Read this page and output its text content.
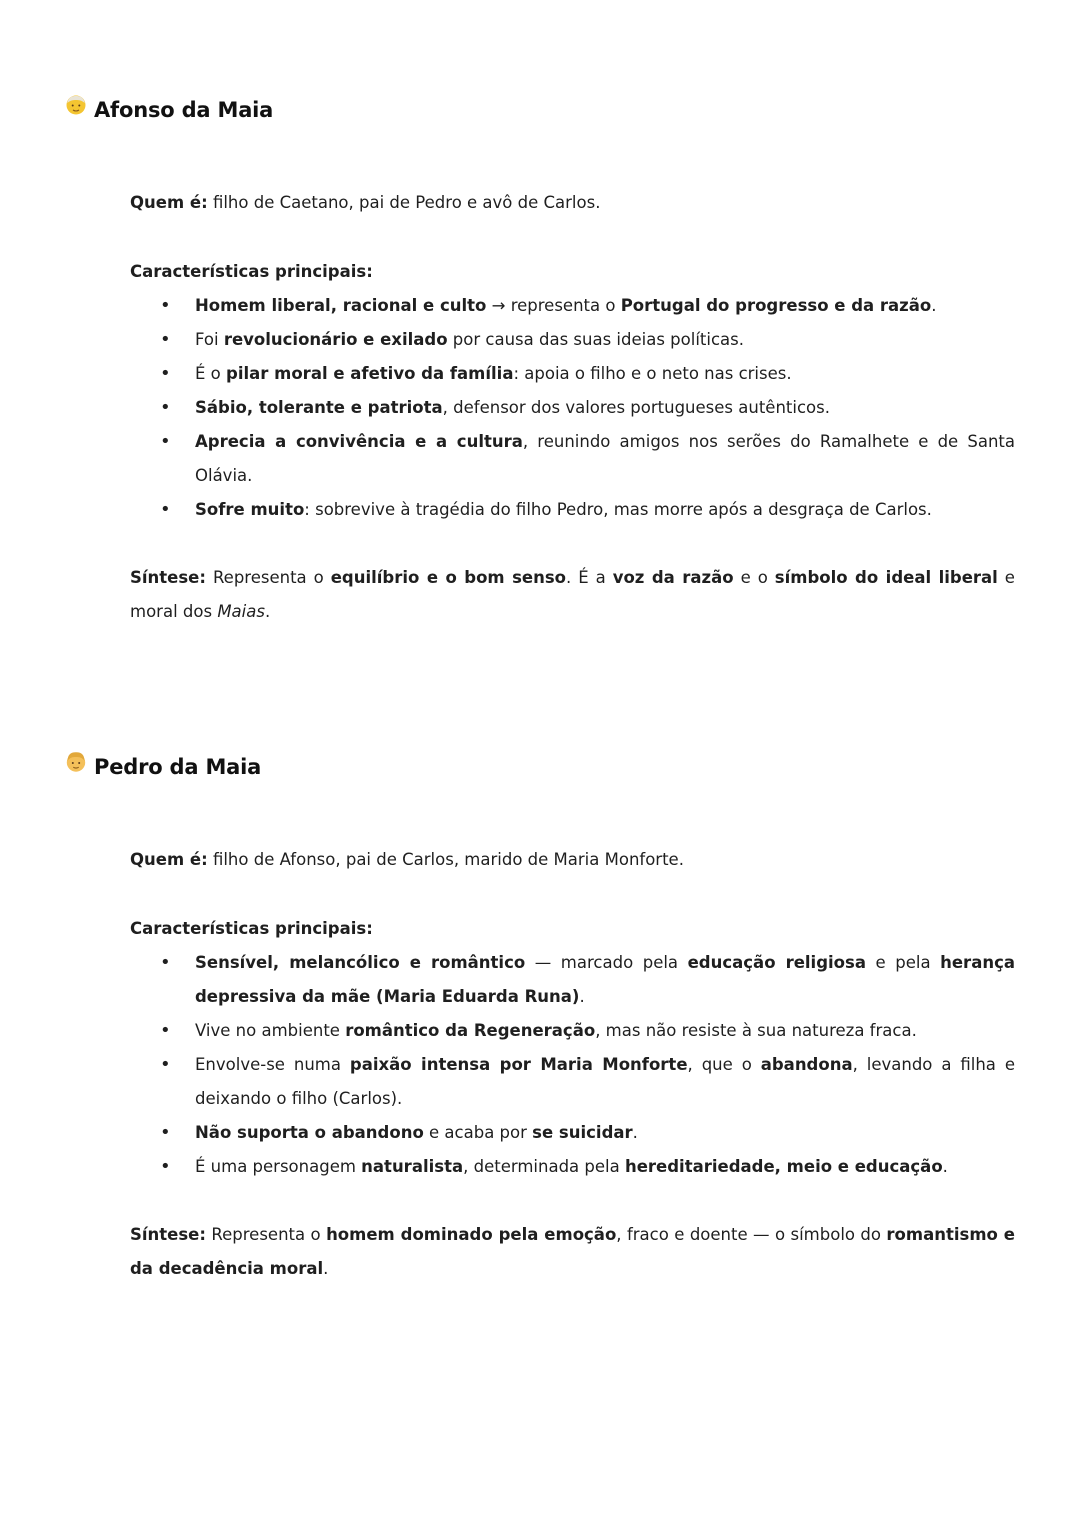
Afonso da Maia
Quem é: filho de Caetano, pai de Pedro e avô de Carlos.
Características principais:
• Homem liberal, racional e culto → representa o Portugal do progresso e da razão.
• Foi revolucionário e exilado por causa das suas ideias políticas.
• É o pilar moral e afetivo da família: apoia o filho e o neto nas crises.
• Sábio, tolerante e patriota, defensor dos valores portugueses autênticos.
• Aprecia a convivência e a cultura, reunindo amigos nos serões do Ramalhete e de Santa Olávia.
• Sofre muito: sobrevive à tragédia do filho Pedro, mas morre após a desgraça de Carlos.
Síntese: Representa o equilíbrio e o bom senso. É a voz da razão e o símbolo do ideal liberal e moral dos Maias.
Pedro da Maia
Quem é: filho de Afonso, pai de Carlos, marido de Maria Monforte.
Características principais:
• Sensível, melancólico e romântico — marcado pela educação religiosa e pela herança depressiva da mãe (Maria Eduarda Runa).
• Vive no ambiente romântico da Regeneração, mas não resiste à sua natureza fraca.
• Envolve-se numa paixão intensa por Maria Monforte, que o abandona, levando a filha e deixando o filho (Carlos).
• Não suporta o abandono e acaba por se suicidar.
• É uma personagem naturalista, determinada pela hereditariedade, meio e educação.
Síntese: Representa o homem dominado pela emoção, fraco e doente — o símbolo do romantismo e da decadência moral.
